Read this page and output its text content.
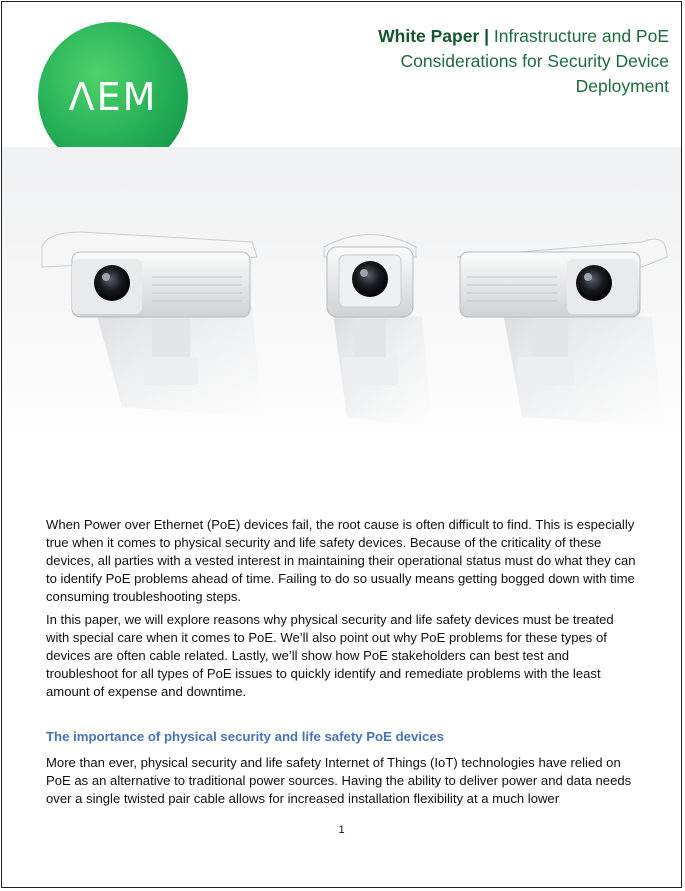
ΛEM
White Paper | Infrastructure and PoE Considerations for Security Device Deployment
When Power over Ethernet (PoE) devices fail, the root cause is often difficult to find. This is especially true when it comes to physical security and life safety devices. Because of the criticality of these devices, all parties with a vested interest in maintaining their operational status must do what they can to identify PoE problems ahead of time. Failing to do so usually means getting bogged down with time consuming troubleshooting steps.
In this paper, we will explore reasons why physical security and life safety devices must be treated with special care when it comes to PoE. We’ll also point out why PoE problems for these types of devices are often cable related. Lastly, we’ll show how PoE stakeholders can best test and troubleshoot for all types of PoE issues to quickly identify and remediate problems with the least amount of expense and downtime.
The importance of physical security and life safety PoE devices
More than ever, physical security and life safety Internet of Things (IoT) technologies have relied on PoE as an alternative to traditional power sources. Having the ability to deliver power and data needs over a single twisted pair cable allows for increased installation flexibility at a much lower
1
